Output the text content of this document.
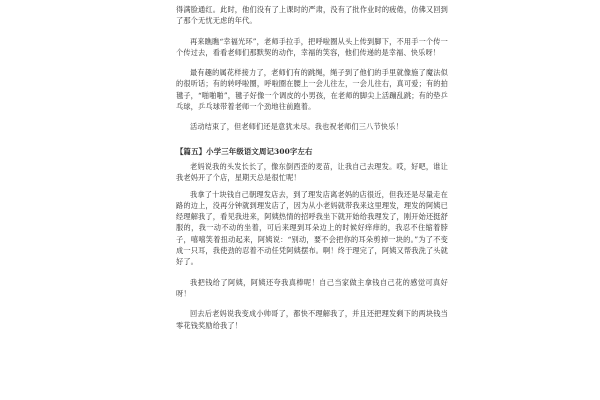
得满脸通红。此时，他们没有了上课时的严肃，没有了批作业时的疲倦，仿佛又回到了那个无忧无虑的年代。

再来瞧瞧“幸福光环”，老师手拉手，把呼啦圈从头上传到脚下，不用手一个传一个传过去，看看老师们那默契的动作，幸福的笑容，他们传递的是幸福、快乐呀！

最有趣的属花样接力了，老师们有的跳绳，绳子到了他们的手里就像施了魔法似的很听话；有的转呼啦圈，呼啦圈在腰上一会儿往左，一会儿往右，真可爱；有的拍毽子，“啪啪啪”，毽子好像一个调皮的小男孩，在老师的脚尖上活蹦乱跳；有的垫乒乓球，乒乓球带着老师一个劲地往前跑着。

活动结束了，但老师们还是意犹未尽。我也祝老师们三八节快乐！

【篇五】小学三年级语文周记300字左右

老妈说我的头发长长了，像东倒西歪的麦苗，让我自己去理发。哎，好吧，谁让我老妈开了个店，星期天总是很忙呢！

我拿了十块钱自己朝理发店去，到了理发店离老妈的店很近，但我还是尽量走在路的边上，没再分钟就到理发店了，因为从小老妈就带我来这里理发，理发的阿姨已经理解我了，看见我进来，阿姨热情的招呼我坐下就开始给我理发了，刚开始还挺舒服的，我一动不动的坐着，可后来理到耳朵边上的时候好痒痒的，我忍不住缩着脖子，嘻嘻笑着扭动起来，阿姨说：“别动，要不会把你的耳朵剪掉一块的。”为了不变成一只耳，我使劲的忍着不动任凭阿姨摆布。啊！终于理完了，阿姨又帮我洗了头就好了。

我把钱给了阿姨，阿姨还夸我真棒呢！自己当家做主拿钱自己花的感觉可真好呀！

回去后老妈说我变成小帅哥了，都快不理解我了，并且还把理发剩下的两块钱当零花钱奖励给我了！
